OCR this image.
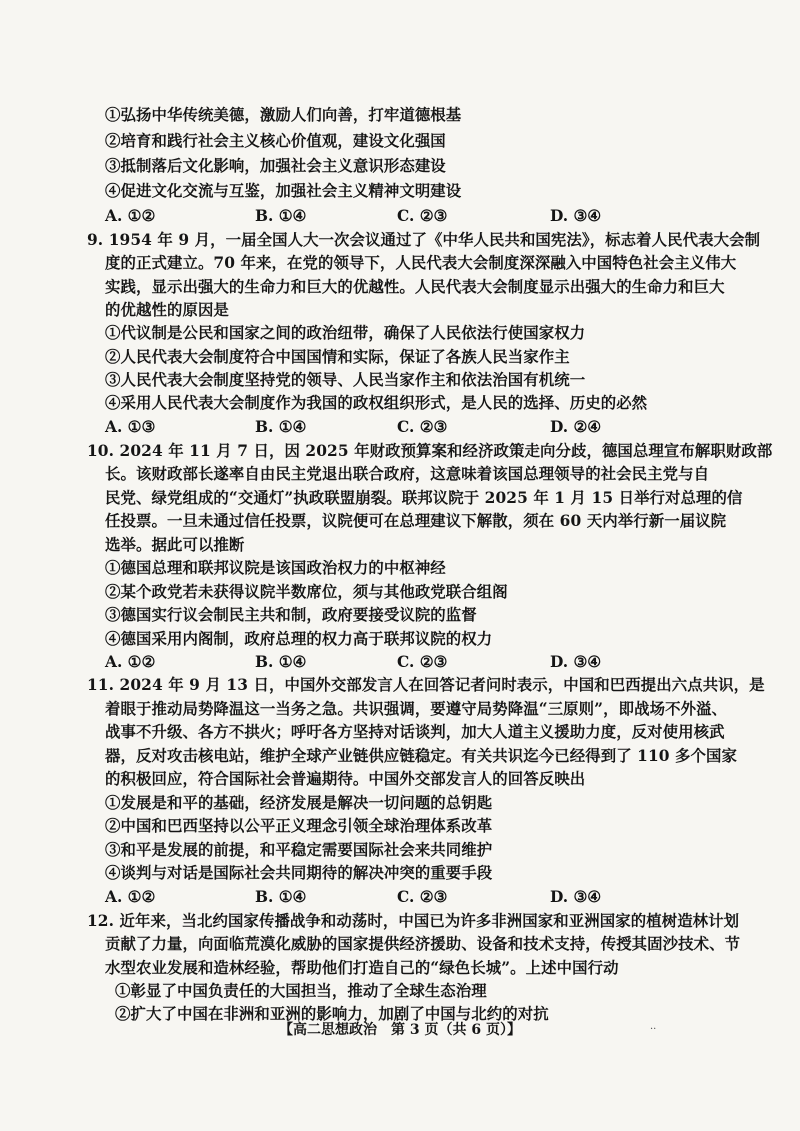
①弘扬中华传统美德，激励人们向善，打牢道德根基
②培育和践行社会主义核心价值观，建设文化强国
③抵制落后文化影响，加强社会主义意识形态建设
④促进文化交流与互鉴，加强社会主义精神文明建设
A. ①②	B. ①④	C. ②③	D. ③④
9. 1954 年 9 月，一届全国人大一次会议通过了《中华人民共和国宪法》，标志着人民代表大会制
度的正式建立。70 年来，在党的领导下，人民代表大会制度深深融入中国特色社会主义伟大
实践，显示出强大的生命力和巨大的优越性。人民代表大会制度显示出强大的生命力和巨大
的优越性的原因是
①代议制是公民和国家之间的政治纽带，确保了人民依法行使国家权力
②人民代表大会制度符合中国国情和实际，保证了各族人民当家作主
③人民代表大会制度坚持党的领导、人民当家作主和依法治国有机统一
④采用人民代表大会制度作为我国的政权组织形式，是人民的选择、历史的必然
A. ①③	B. ①④	C. ②③	D. ②④
10. 2024 年 11 月 7 日，因 2025 年财政预算案和经济政策走向分歧，德国总理宣布解职财政部
长。该财政部长遂率自由民主党退出联合政府，这意味着该国总理领导的社会民主党与自
民党、绿党组成的“交通灯”执政联盟崩裂。联邦议院于 2025 年 1 月 15 日举行对总理的信
任投票。一旦未通过信任投票，议院便可在总理建议下解散，须在 60 天内举行新一届议院
选举。据此可以推断
①德国总理和联邦议院是该国政治权力的中枢神经
②某个政党若未获得议院半数席位，须与其他政党联合组阁
③德国实行议会制民主共和制，政府要接受议院的监督
④德国采用内阁制，政府总理的权力高于联邦议院的权力
A. ①②	B. ①④	C. ②③	D. ③④
11. 2024 年 9 月 13 日，中国外交部发言人在回答记者问时表示，中国和巴西提出六点共识，是
着眼于推动局势降温这一当务之急。共识强调，要遵守局势降温“三原则”，即战场不外溢、
战事不升级、各方不拱火；呼吁各方坚持对话谈判，加大人道主义援助力度，反对使用核武
器，反对攻击核电站，维护全球产业链供应链稳定。有关共识迄今已经得到了 110 多个国家
的积极回应，符合国际社会普遍期待。中国外交部发言人的回答反映出
①发展是和平的基础，经济发展是解决一切问题的总钥匙
②中国和巴西坚持以公平正义理念引领全球治理体系改革
③和平是发展的前提，和平稳定需要国际社会来共同维护
④谈判与对话是国际社会共同期待的解决冲突的重要手段
A. ①②	B. ①④	C. ②③	D. ③④
12. 近年来，当北约国家传播战争和动荡时，中国已为许多非洲国家和亚洲国家的植树造林计划
贡献了力量，向面临荒漠化威胁的国家提供经济援助、设备和技术支持，传授其固沙技术、节
水型农业发展和造林经验，帮助他们打造自己的“绿色长城”。上述中国行动
①彰显了中国负责任的大国担当，推动了全球生态治理
②扩大了中国在非洲和亚洲的影响力，加剧了中国与北约的对抗
【高二思想政治　第 3 页（共 6 页）】	··
